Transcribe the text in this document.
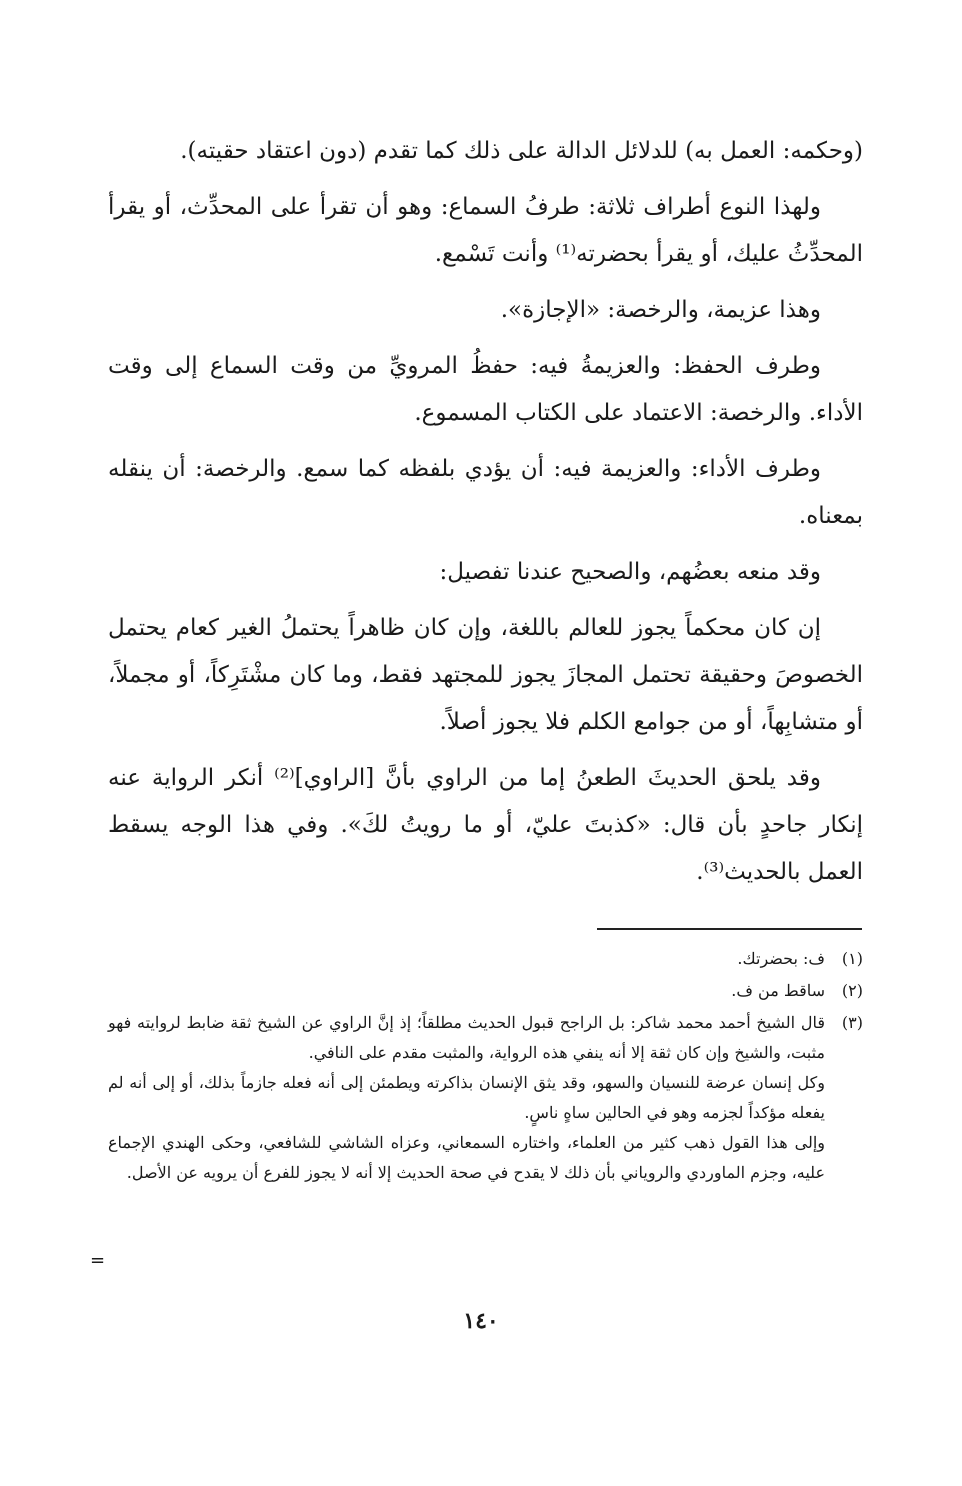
(وحكمه: العمل به) للدلائل الدالة على ذلك كما تقدم (دون اعتقاد حقيته).

ولهذا النوع أطراف ثلاثة: طرفُ السماع: وهو أن تقرأ على المحدِّث، أو يقرأ المحدِّثُ عليك، أو يقرأ بحضرته⁽¹⁾ وأنت تَسْمع.

وهذا عزيمة، والرخصة: «الإجازة».

وطرف الحفظ: والعزيمةُ فيه: حفظُ المرويِّ من وقت السماع إلى وقت الأداء. والرخصة: الاعتماد على الكتاب المسموع.

وطرف الأداء: والعزيمة فيه: أن يؤدي بلفظه كما سمع. والرخصة: أن ينقله بمعناه.

وقد منعه بعضُهم، والصحيح عندنا تفصيل:

إن كان محكماً يجوز للعالم باللغة، وإن كان ظاهراً يحتملُ الغير كعام يحتمل الخصوصَ وحقيقة تحتمل المجازَ يجوز للمجتهد فقط، وما كان مشْتَرِكاً، أو مجملاً، أو متشابِهاً، أو من جوامع الكلم فلا يجوز أصلاً.

وقد يلحق الحديثَ الطعنُ إما من الراوي بأنَّ [الراوي]⁽²⁾ أنكر الرواية عنه إنكار جاحدٍ بأن قال: «كذبتَ عليّ، أو ما رويتُ لكَ». وفي هذا الوجه يسقط العمل بالحديث⁽³⁾.

(١)

ف: بحضرتك.

(٢)

ساقط من ف.

(٣)

قال الشيخ أحمد محمد شاكر: بل الراجح قبول الحديث مطلقاً؛ إذ إنَّ الراوي عن الشيخ ثقة ضابط لروايته فهو مثبت، والشيخ وإن كان ثقة إلا أنه ينفي هذه الرواية، والمثبت مقدم على النافي.

وكل إنسان عرضة للنسيان والسهو، وقد يثق الإنسان بذاكرته ويطمئن إلى أنه فعله جازماً بذلك، أو إلى أنه لم يفعله مؤكداً لجزمه وهو في الحالين ساهٍ ناسٍ.

وإلى هذا القول ذهب كثير من العلماء، واختاره السمعاني، وعزاه الشاشي للشافعي، وحكى الهندي الإجماع عليه، وجزم الماوردي والروياني بأن ذلك لا يقدح في صحة الحديث إلا أنه لا يجوز للفرع أن يرويه عن الأصل.

=
١٤٠
